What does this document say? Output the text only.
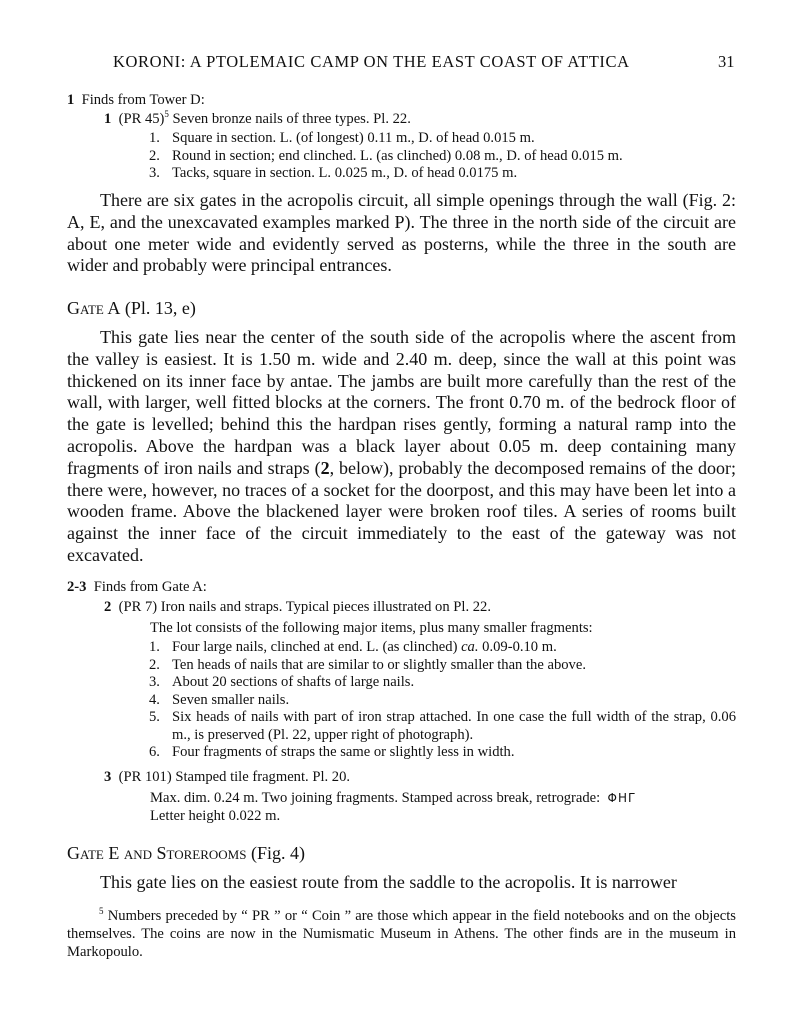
KORONI: A PTOLEMAIC CAMP ON THE EAST COAST OF ATTICA	31
1 Finds from Tower D:
1 (PR 45)$^5$ Seven bronze nails of three types. Pl. 22.
1. Square in section. L. (of longest) 0.11 m., D. of head 0.015 m.
2. Round in section; end clinched. L. (as clinched) 0.08 m., D. of head 0.015 m.
3. Tacks, square in section. L. 0.025 m., D. of head 0.0175 m.

There are six gates in the acropolis circuit, all simple openings through the wall (Fig. 2: A, E, and the unexcavated examples marked P). The three in the north side of the circuit are about one meter wide and evidently served as posterns, while the three in the south are wider and probably were principal entrances.

Gate A (Pl. 13, e)

This gate lies near the center of the south side of the acropolis where the ascent from the valley is easiest. It is 1.50 m. wide and 2.40 m. deep, since the wall at this point was thickened on its inner face by antae. The jambs are built more carefully than the rest of the wall, with larger, well fitted blocks at the corners. The front 0.70 m. of the bedrock floor of the gate is levelled; behind this the hardpan rises gently, forming a natural ramp into the acropolis. Above the hardpan was a black layer about 0.05 m. deep containing many fragments of iron nails and straps (2, below), probably the decomposed remains of the door; there were, however, no traces of a socket for the doorpost, and this may have been let into a wooden frame. Above the blackened layer were broken roof tiles. A series of rooms built against the inner face of the circuit immediately to the east of the gateway was not excavated.

2-3 Finds from Gate A:
2 (PR 7) Iron nails and straps. Typical pieces illustrated on Pl. 22.
The lot consists of the following major items, plus many smaller fragments:
1. Four large nails, clinched at end. L. (as clinched) ca. 0.09-0.10 m.
2. Ten heads of nails that are similar to or slightly smaller than the above.
3. About 20 sections of shafts of large nails.
4. Seven smaller nails.
5. Six heads of nails with part of iron strap attached. In one case the full width of the strap, 0.06 m., is preserved (Pl. 22, upper right of photograph).
6. Four fragments of straps the same or slightly less in width.
3 (PR 101) Stamped tile fragment. Pl. 20.
Max. dim. 0.24 m. Two joining fragments. Stamped across break, retrograde: ΦΗΓ
Letter height 0.022 m.
Gate E and Storerooms (Fig. 4)

This gate lies on the easiest route from the saddle to the acropolis. It is narrower

$^5$ Numbers preceded by “ PR ” or “ Coin ” are those which appear in the field notebooks and on the objects themselves. The coins are now in the Numismatic Museum in Athens. The other finds are in the museum in Markopoulo.
